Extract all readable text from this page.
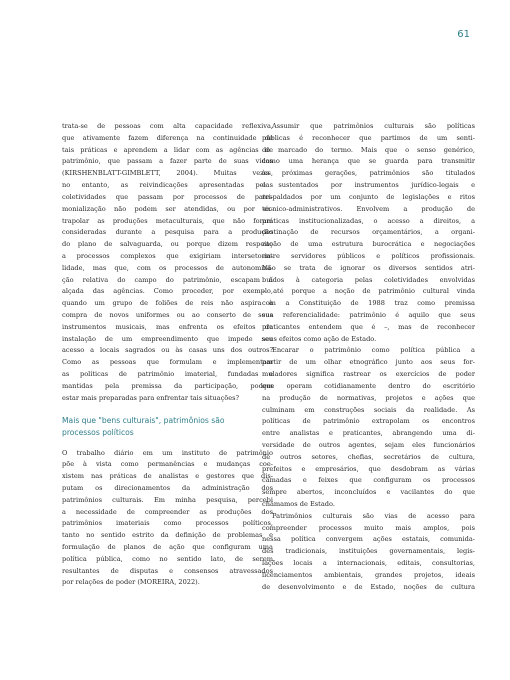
61
trata-se de pessoas com alta capacidade reflexiva,
que ativamente fazem diferença na continuidade de
tais práticas e aprendem a lidar com as agências de
patrimônio, que passam a fazer parte de suas vidas
(KIRSHENBLATT-GIMBLETT, 2004). Muitas vezes,
no entanto, as reivindicações apresentadas pelas
coletividades que passam por processos de patri-
monialização não podem ser atendidas, ou por ex-
trapolar as produções metaculturais, que não foram
consideradas durante a pesquisa para a produção
do plano de salvaguarda, ou porque dizem respeito
a processos complexos que exigiriam intersetoria-
lidade, mas que, com os processos de autonomiza-
ção relativa do campo do patrimônio, escapam à
alçada das agências. Como proceder, por exemplo,
quando um grupo de foliões de reis não aspira à
compra de novos uniformes ou ao conserto de seus
instrumentos musicais, mas enfrenta os efeitos da
instalação de um empreendimento que impede seu
acesso a locais sagrados ou às casas uns dos outros?
Como as pessoas que formulam e implementam
as políticas de patrimônio imaterial, fundadas e
mantidas pela premissa da participação, podem
estar mais preparadas para enfrentar tais situações?
Mais que "bens culturais", patrimônios são
processos políticos
O trabalho diário em um instituto de patrimônio
põe à vista como permanências e mudanças coe-
xistem nas práticas de analistas e gestores que dis-
putam os direcionamentos da administração dos
patrimônios culturais. Em minha pesquisa, percebi
a necessidade de compreender as produções dos
patrimônios imateriais como processos políticos,
tanto no sentido estrito da definição de problemas e
formulação de planos de ação que configuram uma
política pública, como no sentido lato, de serem
resultantes de disputas e consensos atravessados
por relações de poder (MOREIRA, 2022).
Assumir que patrimônios culturais são políticas
públicas é reconhecer que partimos de um senti-
do marcado do termo. Mais que o senso genérico,
como uma herança que se guarda para transmitir
às próximas gerações, patrimônios são titulados
e sustentados por instrumentos jurídico-legais e
respaldados por um conjunto de legislações e ritos
técnico-administrativos. Envolvem a produção de
práticas institucionalizadas, o acesso a direitos, a
destinação de recursos orçamentários, a organi-
zação de uma estrutura burocrática e negociações
entre servidores públicos e políticos profissionais.
Não se trata de ignorar os diversos sentidos atri-
buídos à categoria pelas coletividades envolvidas
– até porque a noção de patrimônio cultural vinda
com a Constituição de 1988 traz como premissa
sua referencialidade: patrimônio é aquilo que seus
praticantes entendem que é –, mas de reconhecer
seus efeitos como ação de Estado.
Encarar o patrimônio como política pública a
partir de um olhar etnográfico junto aos seus for-
muladores significa rastrear os exercícios de poder
que operam cotidianamente dentro do escritório
na produção de normativas, projetos e ações que
culminam em construções sociais da realidade. As
políticas de patrimônio extrapolam os encontros
entre analistas e praticantes, abrangendo uma di-
versidade de outros agentes, sejam eles funcionários
de outros setores, chefias, secretários de cultura,
prefeitos e empresários, que desdobram as várias
camadas e feixes que configuram os processos
sempre abertos, inconcluídos e vacilantes do que
chamamos de Estado.
Patrimônios culturais são vias de acesso para
compreender processos muito mais amplos, pois
nessa política convergem ações estatais, comunida-
des tradicionais, instituições governamentais, legis-
lações locais a internacionais, editais, consultorias,
licenciamentos ambientais, grandes projetos, ideais
de desenvolvimento e de Estado, noções de cultura
